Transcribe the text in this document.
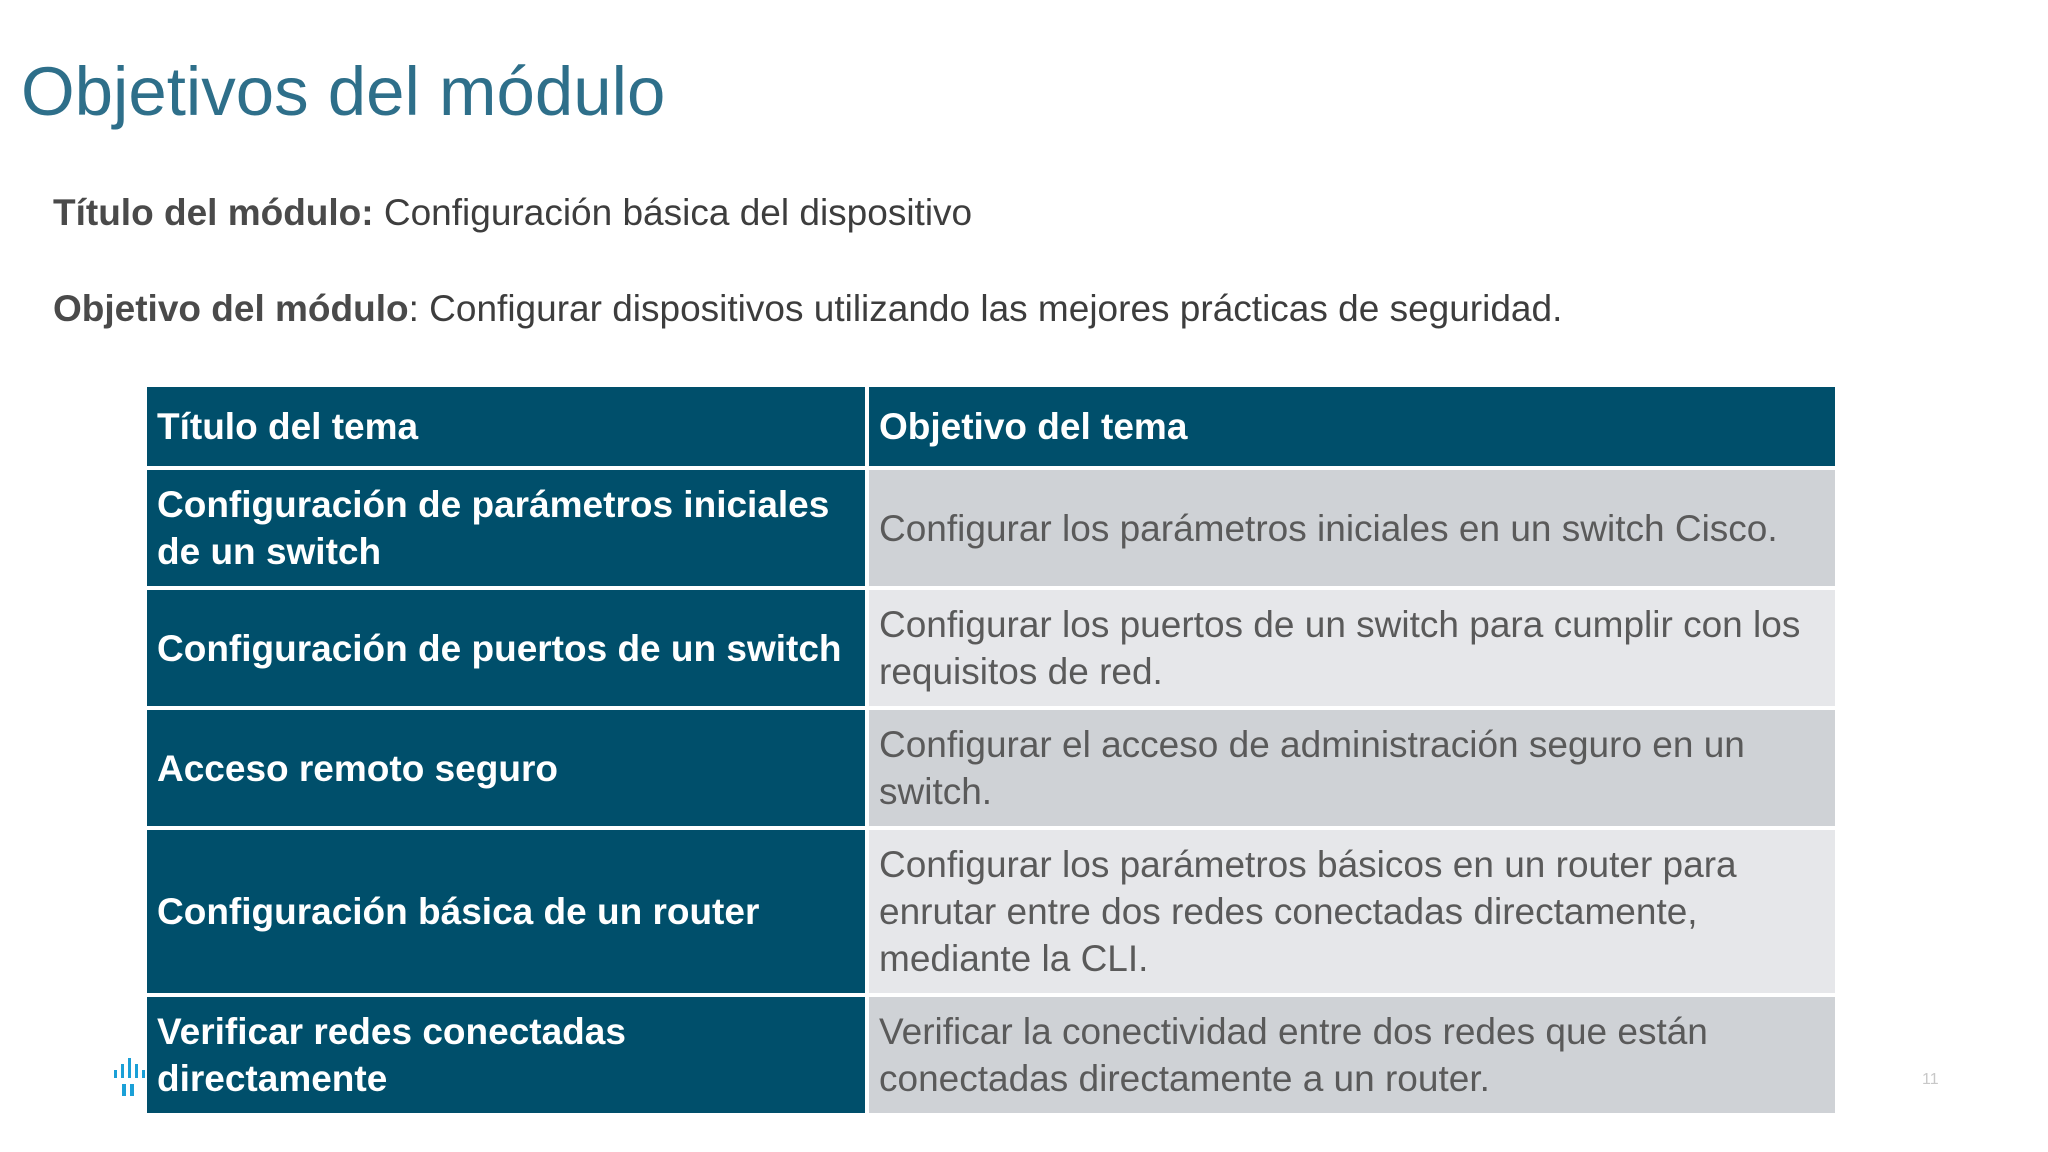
Objetivos del módulo
Título del módulo: Configuración básica del dispositivo
Objetivo del módulo: Configurar dispositivos utilizando las mejores prácticas de seguridad.
Título del tema	Objetivo del tema
Configuración de parámetros iniciales de un switch	Configurar los parámetros iniciales en un switch Cisco.
Configuración de puertos de un switch	Configurar los puertos de un switch para cumplir con los requisitos de red.
Acceso remoto seguro	Configurar el acceso de administración seguro en un switch.
Configuración básica de un router	Configurar los parámetros básicos en un router para enrutar entre dos redes conectadas directamente, mediante la CLI.
Verificar redes conectadas directamente	Verificar la conectividad entre dos redes que están conectadas directamente a un router.	11
